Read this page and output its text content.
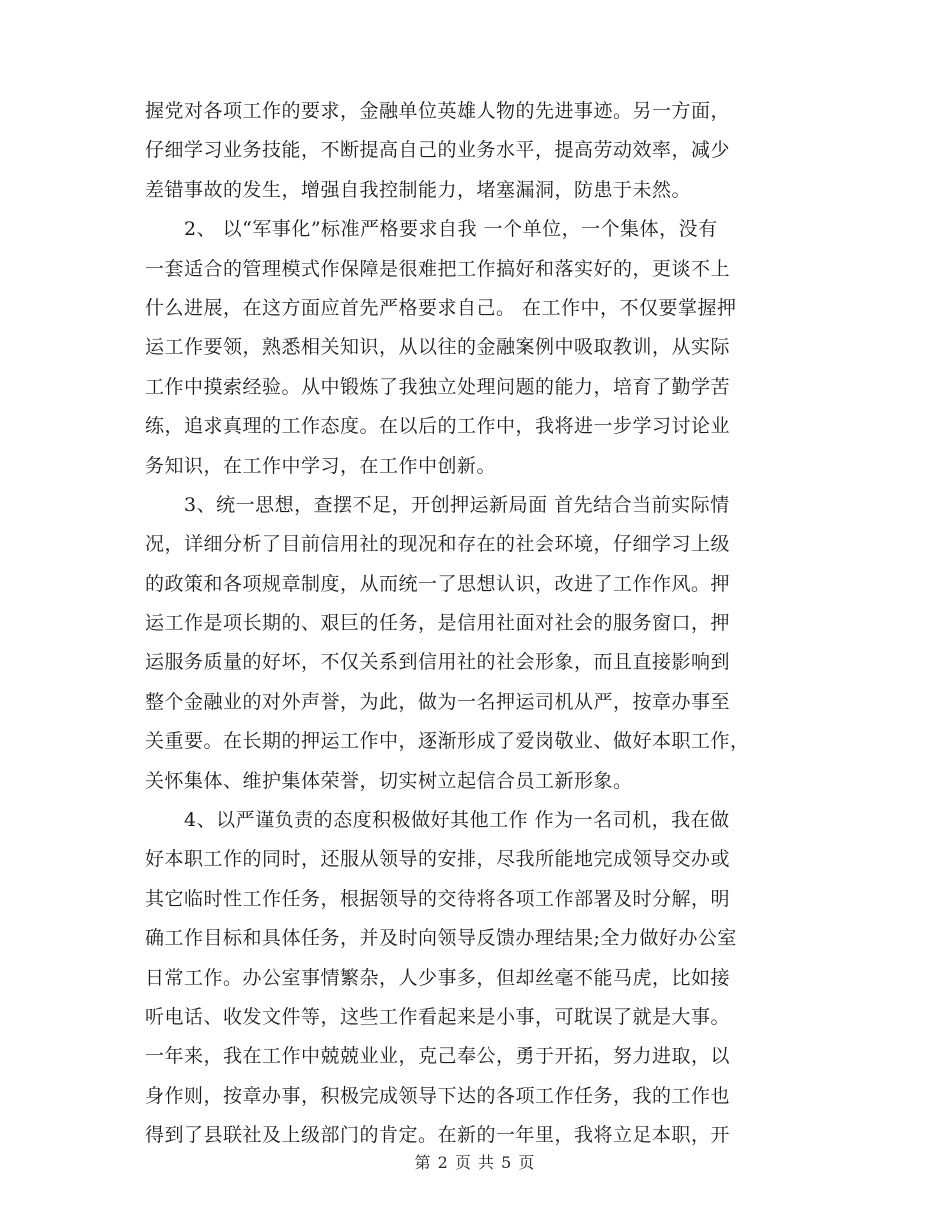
握党对各项工作的要求，金融单位英雄人物的先进事迹。另一方面，
仔细学习业务技能，不断提高自己的业务水平，提高劳动效率，减少
差错事故的发生，增强自我控制能力，堵塞漏洞，防患于未然。
　　2、 以“军事化”标准严格要求自我 一个单位，一个集体，没有
一套适合的管理模式作保障是很难把工作搞好和落实好的，更谈不上
什么进展，在这方面应首先严格要求自己。 在工作中，不仅要掌握押
运工作要领，熟悉相关知识，从以往的金融案例中吸取教训，从实际
工作中摸索经验。从中锻炼了我独立处理问题的能力，培育了勤学苦
练，追求真理的工作态度。在以后的工作中，我将进一步学习讨论业
务知识，在工作中学习，在工作中创新。
　　3、统一思想，查摆不足，开创押运新局面 首先结合当前实际情
况，详细分析了目前信用社的现况和存在的社会环境，仔细学习上级
的政策和各项规章制度，从而统一了思想认识，改进了工作作风。押
运工作是项长期的、艰巨的任务，是信用社面对社会的服务窗口，押
运服务质量的好坏，不仅关系到信用社的社会形象，而且直接影响到
整个金融业的对外声誉，为此，做为一名押运司机从严，按章办事至
关重要。在长期的押运工作中，逐渐形成了爱岗敬业、做好本职工作，
关怀集体、维护集体荣誉，切实树立起信合员工新形象。
　　4、以严谨负责的态度积极做好其他工作 作为一名司机，我在做
好本职工作的同时，还服从领导的安排，尽我所能地完成领导交办或
其它临时性工作任务，根据领导的交待将各项工作部署及时分解，明
确工作目标和具体任务，并及时向领导反馈办理结果;全力做好办公室
日常工作。办公室事情繁杂，人少事多，但却丝毫不能马虎，比如接
听电话、收发文件等，这些工作看起来是小事，可耽误了就是大事。
一年来，我在工作中兢兢业业，克己奉公，勇于开拓，努力进取，以
身作则，按章办事，积极完成领导下达的各项工作任务，我的工作也
得到了县联社及上级部门的肯定。在新的一年里，我将立足本职，开
第 2 页 共 5 页
